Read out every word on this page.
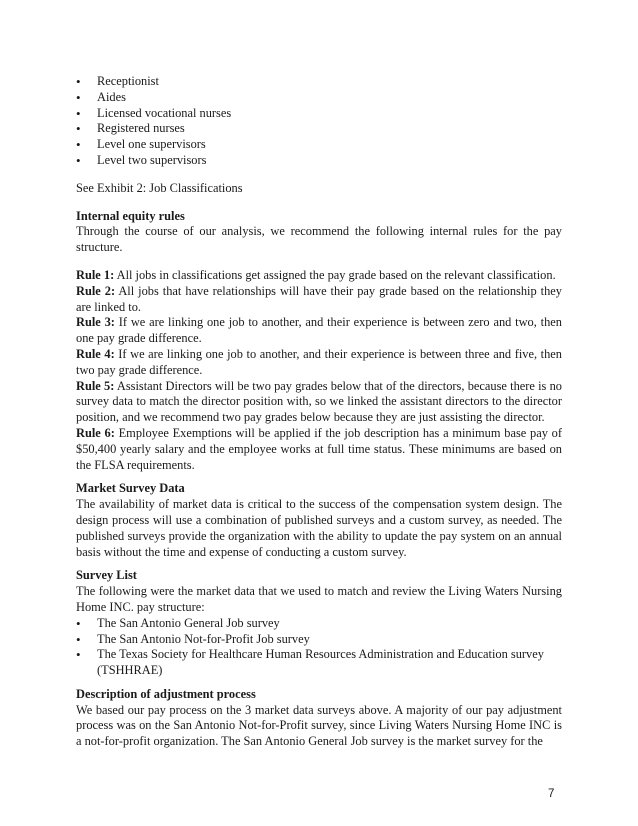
• Receptionist
• Aides
• Licensed vocational nurses
• Registered nurses
• Level one supervisors
• Level two supervisors
See Exhibit 2: Job Classifications
Internal equity rules
Through the course of our analysis, we recommend the following internal rules for the pay structure.
Rule 1: All jobs in classifications get assigned the pay grade based on the relevant classification.
Rule 2: All jobs that have relationships will have their pay grade based on the relationship they are linked to.
Rule 3: If we are linking one job to another, and their experience is between zero and two, then one pay grade difference.
Rule 4: If we are linking one job to another, and their experience is between three and five, then two pay grade difference.
Rule 5: Assistant Directors will be two pay grades below that of the directors, because there is no survey data to match the director position with, so we linked the assistant directors to the director position, and we recommend two pay grades below because they are just assisting the director.
Rule 6: Employee Exemptions will be applied if the job description has a minimum base pay of $50,400 yearly salary and the employee works at full time status. These minimums are based on the FLSA requirements.
Market Survey Data
The availability of market data is critical to the success of the compensation system design. The design process will use a combination of published surveys and a custom survey, as needed. The published surveys provide the organization with the ability to update the pay system on an annual basis without the time and expense of conducting a custom survey.
Survey List
The following were the market data that we used to match and review the Living Waters Nursing Home INC. pay structure:
• The San Antonio General Job survey
• The San Antonio Not-for-Profit Job survey
• The Texas Society for Healthcare Human Resources Administration and Education survey (TSHHRAE)
Description of adjustment process
We based our pay process on the 3 market data surveys above. A majority of our pay adjustment process was on the San Antonio Not-for-Profit survey, since Living Waters Nursing Home INC is a not-for-profit organization. The San Antonio General Job survey is the market survey for the
7
